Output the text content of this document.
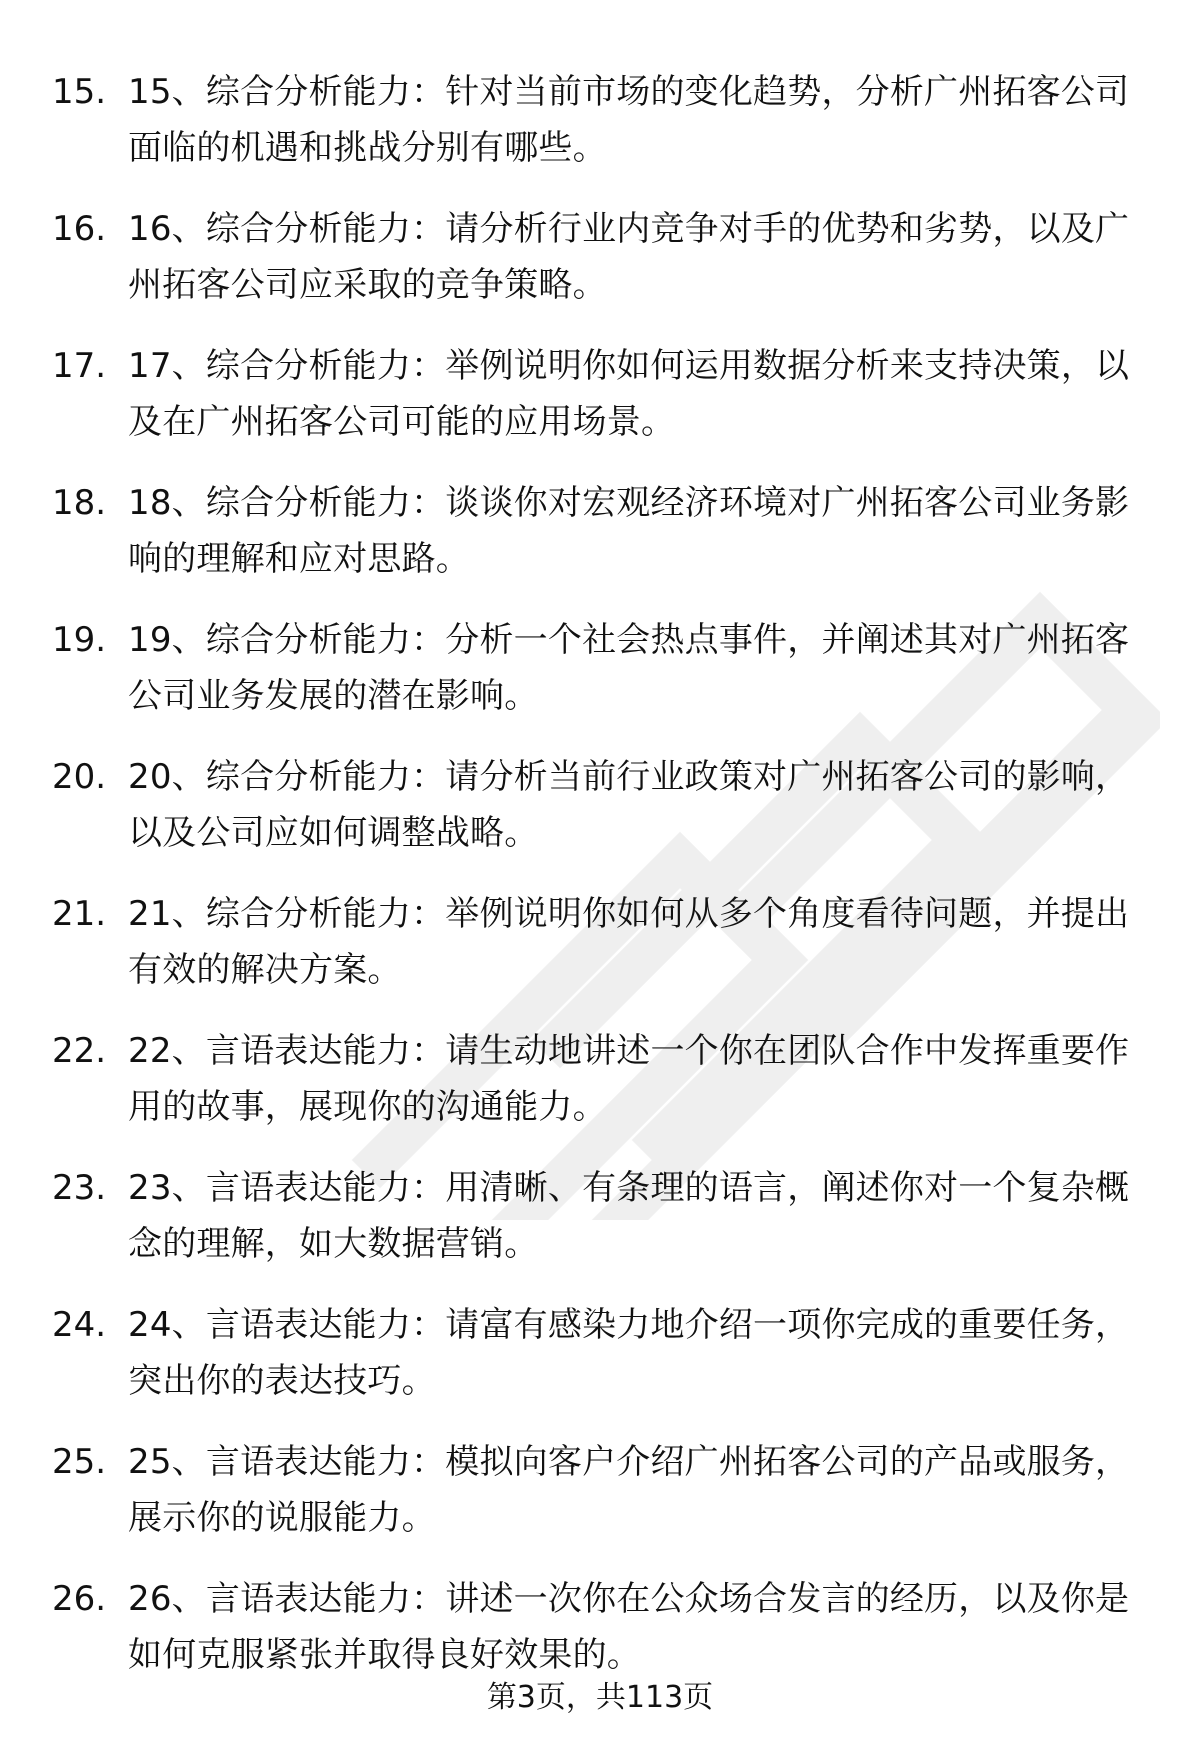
15. 15、综合分析能力：针对当前市场的变化趋势，分析广州拓客公司面临的机遇和挑战分别有哪些。
16. 16、综合分析能力：请分析行业内竞争对手的优势和劣势，以及广州拓客公司应采取的竞争策略。
17. 17、综合分析能力：举例说明你如何运用数据分析来支持决策，以及在广州拓客公司可能的应用场景。
18. 18、综合分析能力：谈谈你对宏观经济环境对广州拓客公司业务影响的理解和应对思路。
19. 19、综合分析能力：分析一个社会热点事件，并阐述其对广州拓客公司业务发展的潜在影响。
20. 20、综合分析能力：请分析当前行业政策对广州拓客公司的影响，以及公司应如何调整战略。
21. 21、综合分析能力：举例说明你如何从多个角度看待问题，并提出有效的解决方案。
22. 22、言语表达能力：请生动地讲述一个你在团队合作中发挥重要作用的故事，展现你的沟通能力。
23. 23、言语表达能力：用清晰、有条理的语言，阐述你对一个复杂概念的理解，如大数据营销。
24. 24、言语表达能力：请富有感染力地介绍一项你完成的重要任务，突出你的表达技巧。
25. 25、言语表达能力：模拟向客户介绍广州拓客公司的产品或服务，展示你的说服能力。
26. 26、言语表达能力：讲述一次你在公众场合发言的经历，以及你是如何克服紧张并取得良好效果的。
第3页，共113页
